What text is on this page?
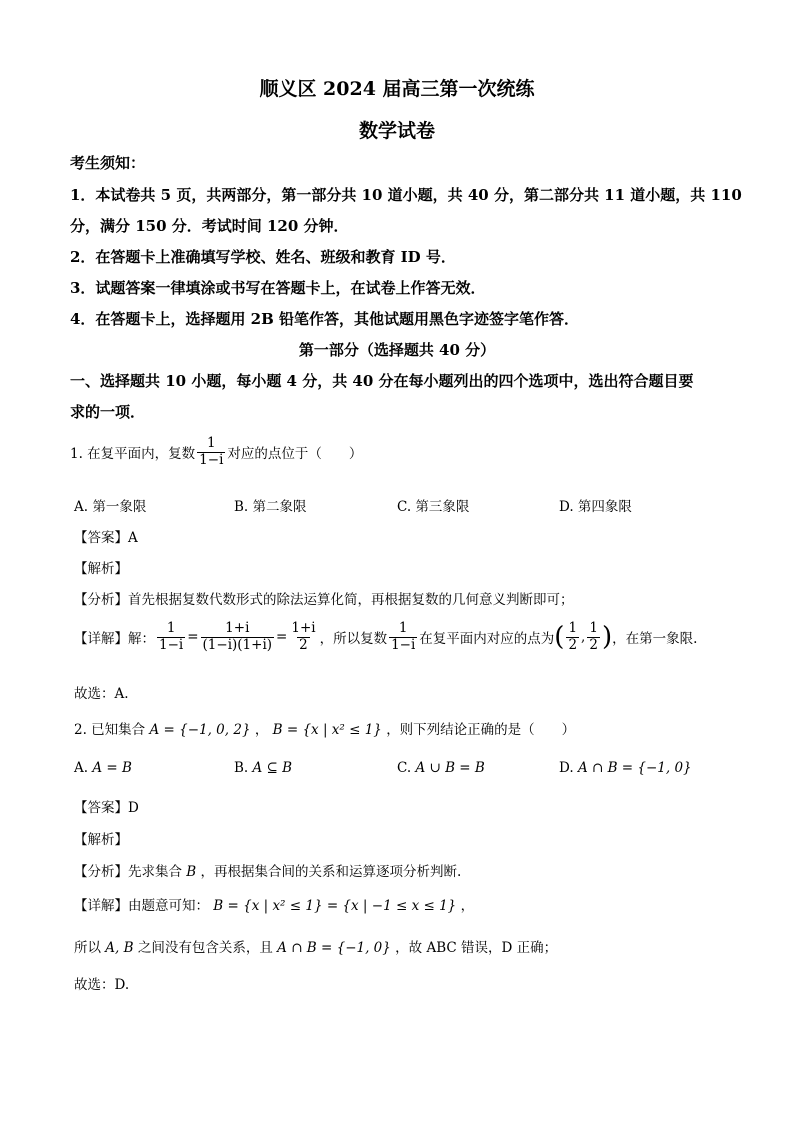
顺义区 2024 届高三第一次统练
数学试卷
考生须知：
1．本试卷共 5 页，共两部分，第一部分共 10 道小题，共 40 分，第二部分共 11 道小题，共 110
分，满分 150 分．考试时间 120 分钟．
2．在答题卡上准确填写学校、姓名、班级和教育 ID 号．
3．试题答案一律填涂或书写在答题卡上，在试卷上作答无效．
4．在答题卡上，选择题用 2B 铅笔作答，其他试题用黑色字迹签字笔作答．
第一部分（选择题共 40 分）
一、选择题共 10 小题，每小题 4 分，共 40 分在每小题列出的四个选项中，选出符合题目要
求的一项．
1. 在复平面内，复数 $\frac{1}{1-i}$ 对应的点位于（　　）
A. 第一象限	B. 第二象限	C. 第三象限	D. 第四象限
【答案】A
【解析】
【分析】首先根据复数代数形式的除法运算化简，再根据复数的几何意义判断即可；
【详解】解： $\frac{1}{1-i} = \frac{1+i}{(1-i)(1+i)} = \frac{1+i}{2}$ ，所以复数 $\frac{1}{1-i}$ 在复平面内对应的点为 ( $\frac{1}{2}$ , $\frac{1}{2}$ ) ，在第一象限.
故选：A.
2. 已知集合 A = {−1, 0, 2} ， B = {x | x² ≤ 1} ，则下列结论正确的是（　　）
A. A = B	B. A ⊆ B	C. A ∪ B = B	D. A ∩ B = {−1, 0}
【答案】D
【解析】
【分析】先求集合 B ，再根据集合间的关系和运算逐项分析判断.
【详解】由题意可知： B = {x | x² ≤ 1} = {x | −1 ≤ x ≤ 1} ，
所以 A, B 之间没有包含关系，且 A ∩ B = {−1, 0} ，故 ABC 错误，D 正确；
故选：D.
